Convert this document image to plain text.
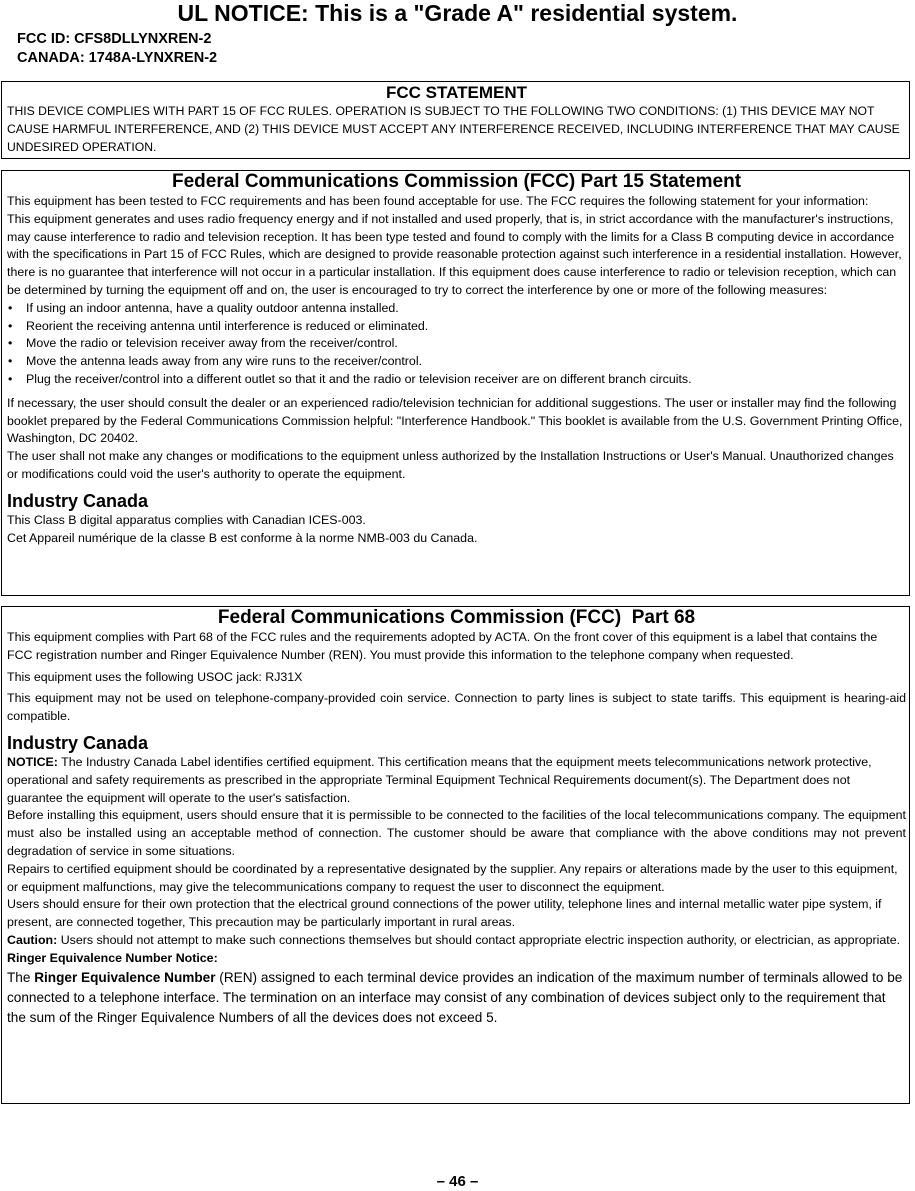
UL NOTICE: This is a "Grade A" residential system.
FCC ID: CFS8DLLYNXREN-2
CANADA: 1748A-LYNXREN-2
FCC STATEMENT

THIS DEVICE COMPLIES WITH PART 15 OF FCC RULES. OPERATION IS SUBJECT TO THE FOLLOWING TWO CONDITIONS: (1) THIS DEVICE MAY NOT CAUSE HARMFUL INTERFERENCE, AND (2) THIS DEVICE MUST ACCEPT ANY INTERFERENCE RECEIVED, INCLUDING INTERFERENCE THAT MAY CAUSE UNDESIRED OPERATION.

Federal Communications Commission (FCC) Part 15 Statement

This equipment has been tested to FCC requirements and has been found acceptable for use. The FCC requires the following statement for your information:

This equipment generates and uses radio frequency energy and if not installed and used properly, that is, in strict accordance with the manufacturer's instructions, may cause interference to radio and television reception. It has been type tested and found to comply with the limits for a Class B computing device in accordance with the specifications in Part 15 of FCC Rules, which are designed to provide reasonable protection against such interference in a residential installation. However, there is no guarantee that interference will not occur in a particular installation. If this equipment does cause interference to radio or television reception, which can be determined by turning the equipment off and on, the user is encouraged to try to correct the interference by one or more of the following measures:

• If using an indoor antenna, have a quality outdoor antenna installed.
• Reorient the receiving antenna until interference is reduced or eliminated.
• Move the radio or television receiver away from the receiver/control.
• Move the antenna leads away from any wire runs to the receiver/control.
• Plug the receiver/control into a different outlet so that it and the radio or television receiver are on different branch circuits.

If necessary, the user should consult the dealer or an experienced radio/television technician for additional suggestions. The user or installer may find the following booklet prepared by the Federal Communications Commission helpful: "Interference Handbook." This booklet is available from the U.S. Government Printing Office, Washington, DC 20402.

The user shall not make any changes or modifications to the equipment unless authorized by the Installation Instructions or User's Manual. Unauthorized changes or modifications could void the user's authority to operate the equipment.

Industry Canada

This Class B digital apparatus complies with Canadian ICES-003.

Cet Appareil numérique de la classe B est conforme à la norme NMB-003 du Canada.

Federal Communications Commission (FCC)  Part 68

This equipment complies with Part 68 of the FCC rules and the requirements adopted by ACTA. On the front cover of this equipment is a label that contains the FCC registration number and Ringer Equivalence Number (REN). You must provide this information to the telephone company when requested.

This equipment uses the following USOC jack: RJ31X

This equipment may not be used on telephone-company-provided coin service. Connection to party lines is subject to state tariffs. This equipment is hearing-aid compatible.

Industry Canada

NOTICE: The Industry Canada Label identifies certified equipment. This certification means that the equipment meets telecommunications network protective, operational and safety requirements as prescribed in the appropriate Terminal Equipment Technical Requirements document(s). The Department does not guarantee the equipment will operate to the user's satisfaction.

Before installing this equipment, users should ensure that it is permissible to be connected to the facilities of the local telecommunications company. The equipment must also be installed using an acceptable method of connection. The customer should be aware that compliance with the above conditions may not prevent degradation of service in some situations.

Repairs to certified equipment should be coordinated by a representative designated by the supplier. Any repairs or alterations made by the user to this equipment, or equipment malfunctions, may give the telecommunications company to request the user to disconnect the equipment.

Users should ensure for their own protection that the electrical ground connections of the power utility, telephone lines and internal metallic water pipe system, if present, are connected together, This precaution may be particularly important in rural areas.

Caution: Users should not attempt to make such connections themselves but should contact appropriate electric inspection authority, or electrician, as appropriate.

Ringer Equivalence Number Notice:

The Ringer Equivalence Number (REN) assigned to each terminal device provides an indication of the maximum number of terminals allowed to be connected to a telephone interface. The termination on an interface may consist of any combination of devices subject only to the requirement that the sum of the Ringer Equivalence Numbers of all the devices does not exceed 5.

– 46 –
